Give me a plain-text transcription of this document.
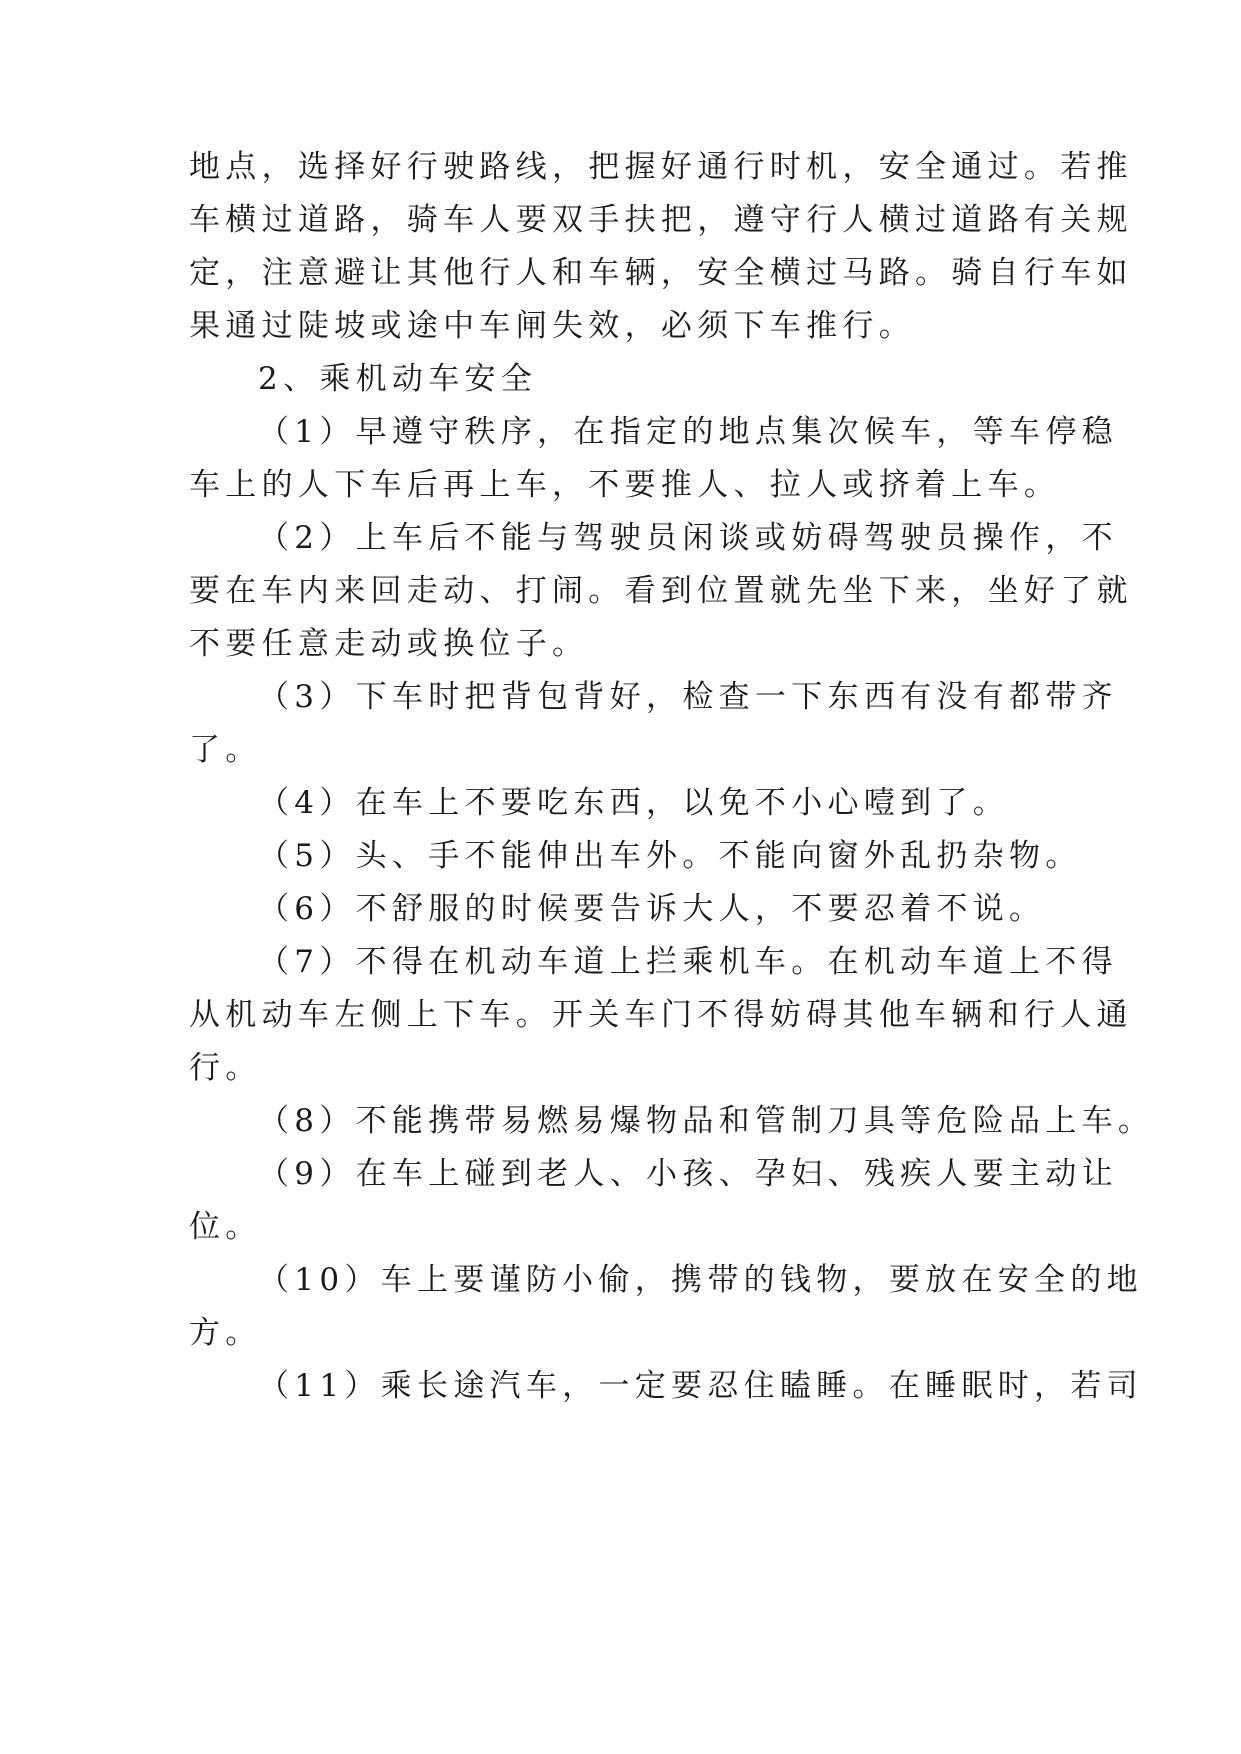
地点，选择好行驶路线，把握好通行时机，安全通过。若推
车横过道路，骑车人要双手扶把，遵守行人横过道路有关规
定，注意避让其他行人和车辆，安全横过马路。骑自行车如
果通过陡坡或途中车闸失效，必须下车推行。
2、乘机动车安全
（1）早遵守秩序，在指定的地点集次候车，等车停稳
车上的人下车后再上车，不要推人、拉人或挤着上车。
（2）上车后不能与驾驶员闲谈或妨碍驾驶员操作，不
要在车内来回走动、打闹。看到位置就先坐下来，坐好了就
不要任意走动或换位子。
（3）下车时把背包背好，检查一下东西有没有都带齐
了。
（4）在车上不要吃东西，以免不小心噎到了。
（5）头、手不能伸出车外。不能向窗外乱扔杂物。
（6）不舒服的时候要告诉大人，不要忍着不说。
（7）不得在机动车道上拦乘机车。在机动车道上不得
从机动车左侧上下车。开关车门不得妨碍其他车辆和行人通
行。
（8）不能携带易燃易爆物品和管制刀具等危险品上车。
（9）在车上碰到老人、小孩、孕妇、残疾人要主动让
位。
（10）车上要谨防小偷，携带的钱物，要放在安全的地
方。
（11）乘长途汽车，一定要忍住瞌睡。在睡眠时，若司
